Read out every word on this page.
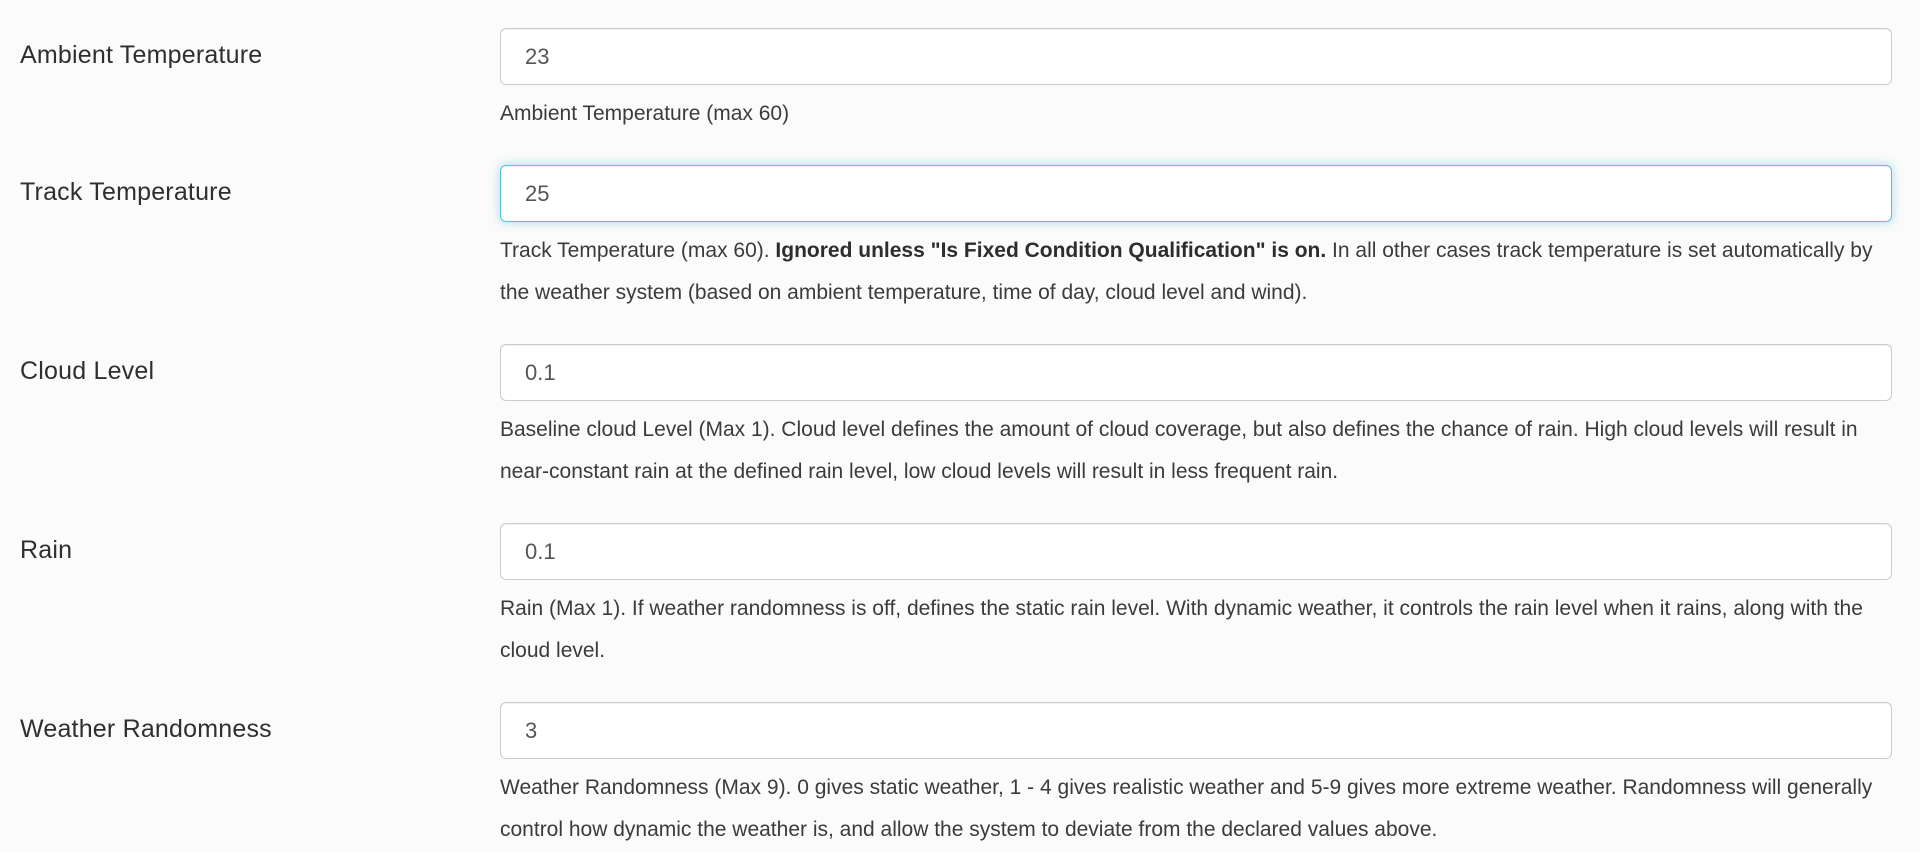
Ambient Temperature
23
Ambient Temperature (max 60)
Track Temperature
25
Track Temperature (max 60). Ignored unless "Is Fixed Condition Qualification" is on. In all other cases track temperature is set automatically by the weather system (based on ambient temperature, time of day, cloud level and wind).
Cloud Level
0.1
Baseline cloud Level (Max 1). Cloud level defines the amount of cloud coverage, but also defines the chance of rain. High cloud levels will result in near-constant rain at the defined rain level, low cloud levels will result in less frequent rain.
Rain
0.1
Rain (Max 1). If weather randomness is off, defines the static rain level. With dynamic weather, it controls the rain level when it rains, along with the cloud level.
Weather Randomness
3
Weather Randomness (Max 9). 0 gives static weather, 1 - 4 gives realistic weather and 5-9 gives more extreme weather. Randomness will generally control how dynamic the weather is, and allow the system to deviate from the declared values above.
